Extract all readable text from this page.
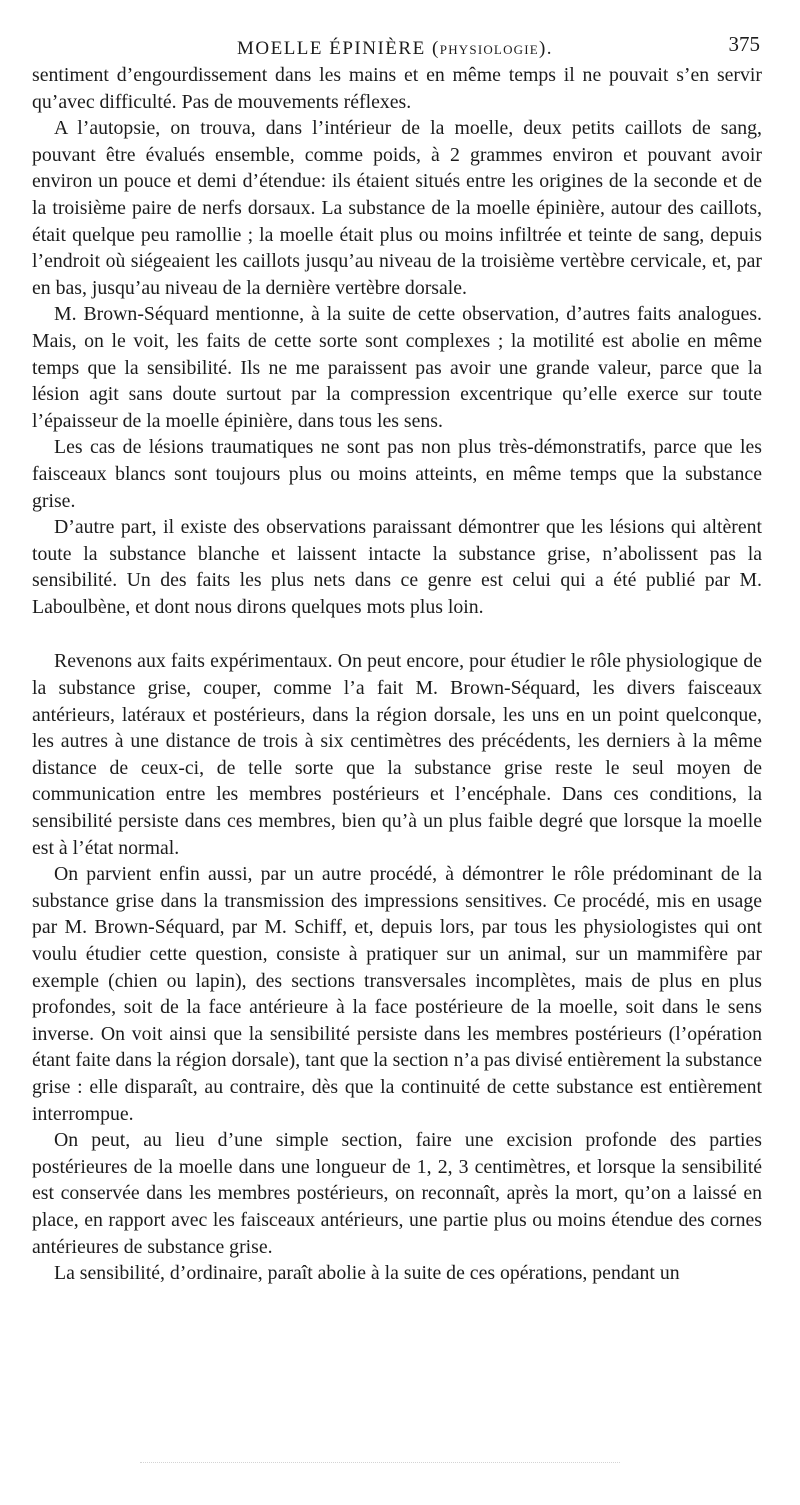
MOELLE ÉPINIÈRE (PHYSIOLOGIE).	375

sentiment d’engourdissement dans les mains et en même temps il ne pouvait s’en servir qu’avec difficulté. Pas de mouvements réflexes.

A l’autopsie, on trouva, dans l’intérieur de la moelle, deux petits caillots de sang, pouvant être évalués ensemble, comme poids, à 2 grammes environ et pouvant avoir environ un pouce et demi d’étendue: ils étaient situés entre les origines de la seconde et de la troisième paire de nerfs dorsaux. La substance de la moelle épinière, autour des caillots, était quelque peu ramollie ; la moelle était plus ou moins infiltrée et teinte de sang, depuis l’endroit où siégeaient les caillots jusqu’au niveau de la troisième vertèbre cervicale, et, par en bas, jusqu’au niveau de la dernière vertèbre dorsale.

M. Brown-Séquard mentionne, à la suite de cette observation, d’autres faits analogues. Mais, on le voit, les faits de cette sorte sont complexes ; la motilité est abolie en même temps que la sensibilité. Ils ne me paraissent pas avoir une grande valeur, parce que la lésion agit sans doute surtout par la compression excentrique qu’elle exerce sur toute l’épaisseur de la moelle épinière, dans tous les sens.

Les cas de lésions traumatiques ne sont pas non plus très-démonstratifs, parce que les faisceaux blancs sont toujours plus ou moins atteints, en même temps que la substance grise.

D’autre part, il existe des observations paraissant démontrer que les lésions qui altèrent toute la substance blanche et laissent intacte la substance grise, n’abolissent pas la sensibilité. Un des faits les plus nets dans ce genre est celui qui a été publié par M. Laboulbène, et dont nous dirons quelques mots plus loin.

Revenons aux faits expérimentaux. On peut encore, pour étudier le rôle physiologique de la substance grise, couper, comme l’a fait M. Brown-Séquard, les divers faisceaux antérieurs, latéraux et postérieurs, dans la région dorsale, les uns en un point quelconque, les autres à une distance de trois à six centimètres des précédents, les derniers à la même distance de ceux-ci, de telle sorte que la substance grise reste le seul moyen de communication entre les membres postérieurs et l’encéphale. Dans ces conditions, la sensibilité persiste dans ces membres, bien qu’à un plus faible degré que lorsque la moelle est à l’état normal.

On parvient enfin aussi, par un autre procédé, à démontrer le rôle prédominant de la substance grise dans la transmission des impressions sensitives. Ce procédé, mis en usage par M. Brown-Séquard, par M. Schiff, et, depuis lors, par tous les physiologistes qui ont voulu étudier cette question, consiste à pratiquer sur un animal, sur un mammifère par exemple (chien ou lapin), des sections transversales incomplètes, mais de plus en plus profondes, soit de la face antérieure à la face postérieure de la moelle, soit dans le sens inverse. On voit ainsi que la sensibilité persiste dans les membres postérieurs (l’opération étant faite dans la région dorsale), tant que la section n’a pas divisé entièrement la substance grise : elle disparaît, au contraire, dès que la continuité de cette substance est entièrement interrompue.

On peut, au lieu d’une simple section, faire une excision profonde des parties postérieures de la moelle dans une longueur de 1, 2, 3 centimètres, et lorsque la sensibilité est conservée dans les membres postérieurs, on reconnaît, après la mort, qu’on a laissé en place, en rapport avec les faisceaux antérieurs, une partie plus ou moins étendue des cornes antérieures de substance grise.

La sensibilité, d’ordinaire, paraît abolie à la suite de ces opérations, pendant un
